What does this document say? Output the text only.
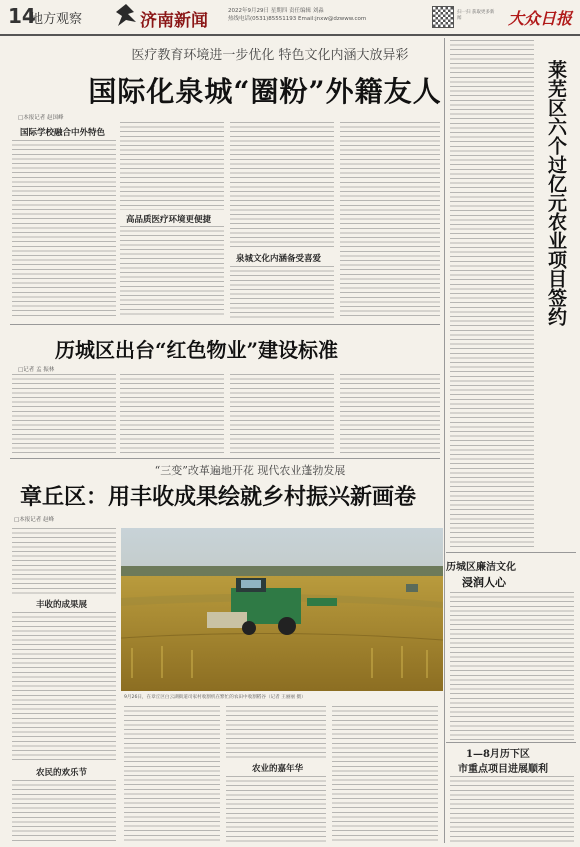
14
地方观察	济南新闻	2022年9月29日 星期四 责任编辑 刘淼
热线电话(0531)85551193 Email:jnxw@dzwww.com
扫一扫 获取更多新闻	大众日报
医疗教育环境进一步优化 特色文化内涵大放异彩
国际化泉城“圈粉”外籍友人
□本报记者 赵国峰
国际学校融合中外特色
高品质医疗环境更便捷
泉城文化内涵备受喜爱	莱芜区六个过亿元农业项目签约
历城区廉洁文化
浸润人心
1—8月历下区
市重点项目进展顺利
历城区出台“红色物业”建设标准
□记者 孟 振林
“三变”改革遍地开花 现代农业蓬勃发展
章丘区：用丰收成果绘就乡村振兴新画卷
□本报记者 赵峰
丰收的成果展
农民的欢乐节
9月26日，在章丘区白云湖街道司家村收割机在繁忙的农田中收割稻谷（记者 王丽丽 摄）
农业的嘉年华
